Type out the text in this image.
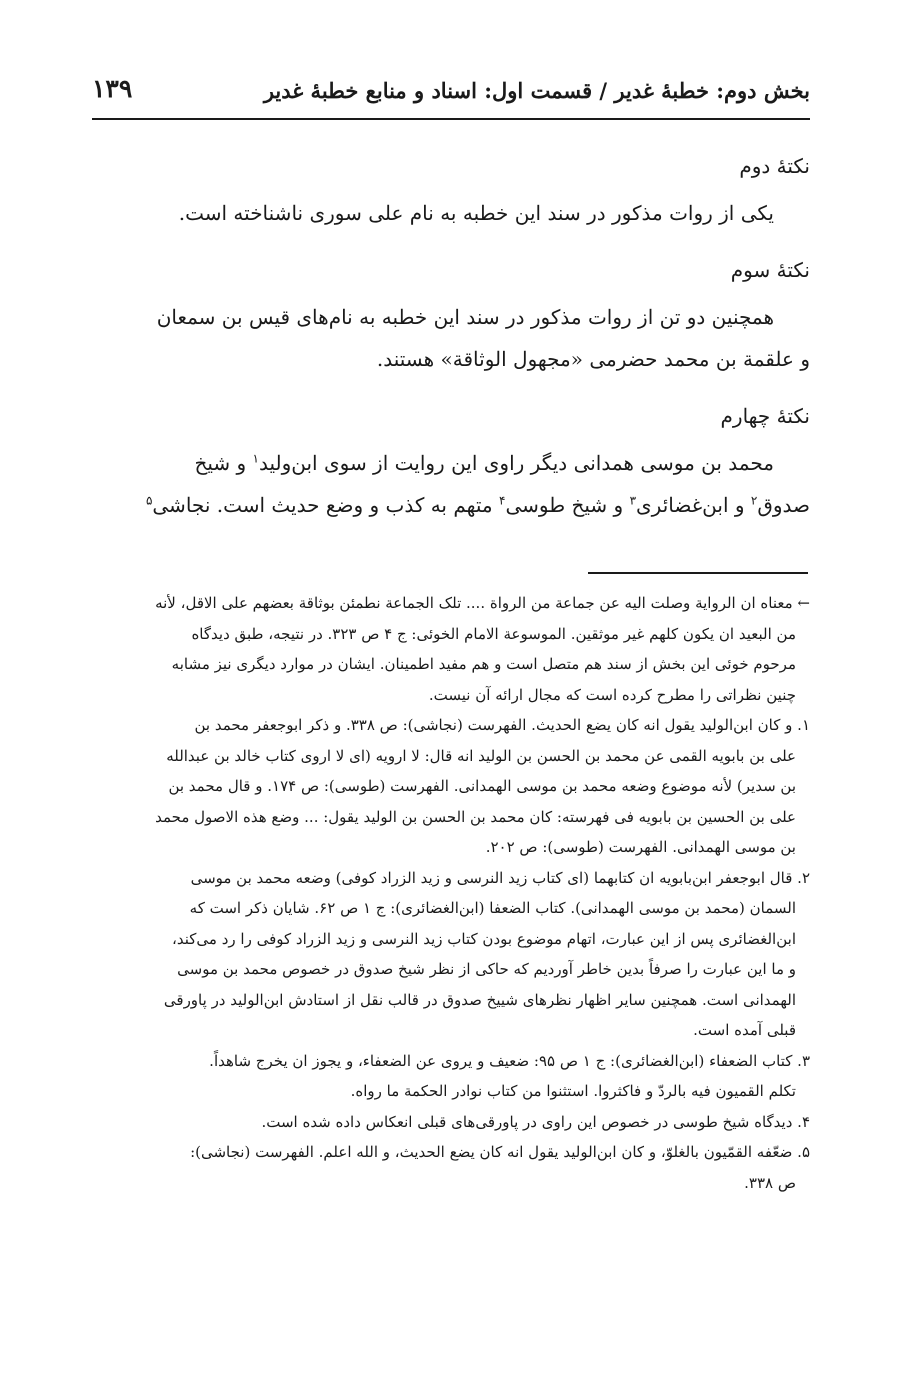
بخش دوم: خطبهٔ غدیر / قسمت اول: اسناد و منابع خطبهٔ غدیر
۱۳۹
نکتهٔ دوم
یکی از روات مذکور در سند این خطبه به نام علی سوری ناشناخته است.
نکتهٔ سوم
همچنین دو تن از روات مذکور در سند این خطبه به نام‌های قیس بن سمعان
و علقمة بن محمد حضرمی «مجهول الوثاقة» هستند.
نکتهٔ چهارم
محمد بن موسی همدانی دیگر راوی این روایت از سوی ابن‌ولید$^۱$ و شیخ
صدوق$^۲$ و ابن‌غضائری$^۳$ و شیخ طوسی$^۴$ متهم به کذب و وضع حدیث است. نجاشی$^۵$
← معناه ان الروایة وصلت الیه عن جماعة من الرواة .... تلک الجماعة نطمئن بوثاقة بعضهم علی الاقل، لأنه
من البعید ان یکون کلهم غیر موثقین. الموسوعة الامام الخوئی: ج ۴ ص ۳۲۳. در نتیجه، طبق دیدگاه
مرحوم خوئی این بخش از سند هم متصل است و هم مفید اطمینان. ایشان در موارد دیگری نیز مشابه
چنین نظراتی را مطرح کرده است که مجال ارائه آن نیست.
۱. و کان ابن‌الولید یقول انه کان یضع الحدیث. الفهرست (نجاشی): ص ۳۳۸. و ذکر ابوجعفر محمد بن
علی بن بابویه القمی عن محمد بن الحسن بن الولید انه قال: لا ارویه (ای لا اروی کتاب خالد بن عبدالله
بن سدیر) لأنه موضوع وضعه محمد بن موسی الهمدانی. الفهرست (طوسی): ص ۱۷۴. و قال محمد بن
علی بن الحسین بن بابویه فی فهرسته: کان محمد بن الحسن بن الولید یقول: ... وضع هذه الاصول محمد
بن موسی الهمدانی. الفهرست (طوسی): ص ۲۰۲.
۲. قال ابوجعفر ابن‌بابویه ان کتابهما (ای کتاب زید النرسی و زید الزراد کوفی) وضعه محمد بن موسی
السمان (محمد بن موسی الهمدانی). کتاب الضعفا (ابن‌الغضائری): ج ۱ ص ۶۲. شایان ذکر است که
ابن‌الغضائری پس از این عبارت، اتهام موضوع بودن کتاب زید النرسی و زید الزراد کوفی را رد می‌کند،
و ما این عبارت را صرفاً بدین خاطر آوردیم که حاکی از نظر شیخ صدوق در خصوص محمد بن موسی
الهمدانی است. همچنین سایر اظهار نظرهای شییخ صدوق در قالب نقل از استادش ابن‌الولید در پاورقی
قبلی آمده است.
۳. کتاب الضعفاء (ابن‌الغضائری): ج ۱ ص ۹۵: ضعیف و یروی عن الضعفاء، و یجوز ان یخرج شاهداً.
تکلم القمیون فیه بالردّ و فاکثروا. استثنوا من کتاب نوادر الحکمة ما رواه.
۴. دیدگاه شیخ طوسی در خصوص این راوی در پاورقی‌های قبلی انعکاس داده شده است.
۵. ضعّفه القمّیون بالغلوّ، و کان ابن‌الولید یقول انه کان یضع الحدیث، و الله اعلم. الفهرست (نجاشی):
ص ۳۳۸.
